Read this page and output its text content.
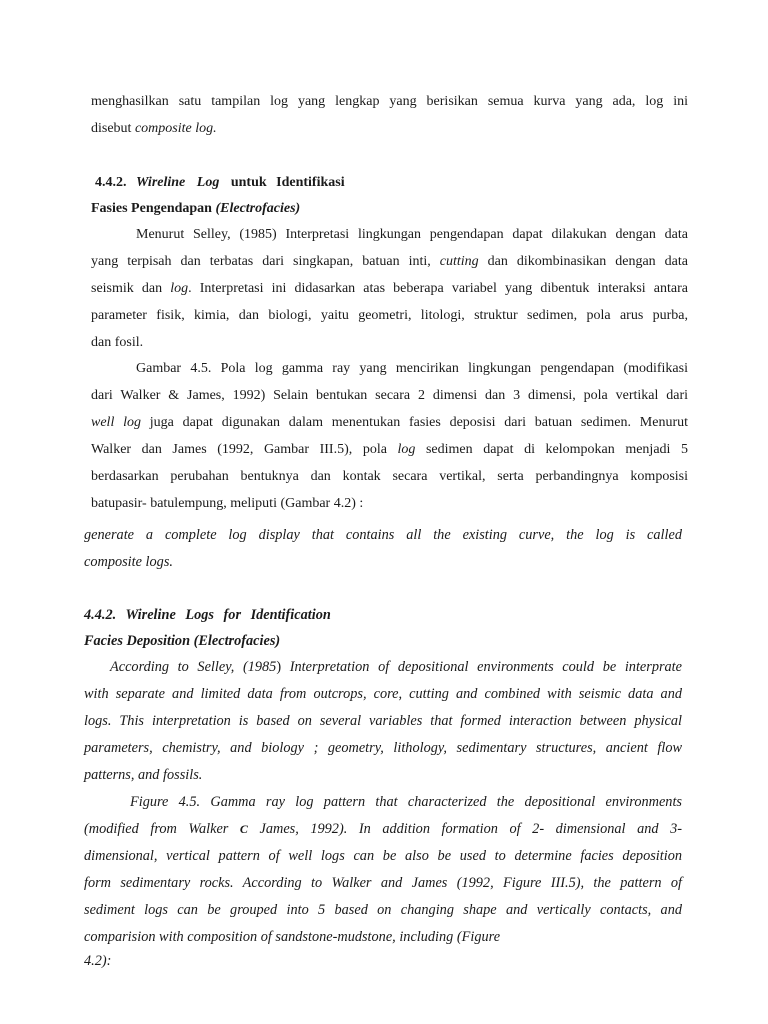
menghasilkan satu tampilan log yang lengkap yang berisikan semua kurva yang ada, log ini
disebut composite log.
4.4.2. Wireline Log untuk Identifikasi
Fasies Pengendapan (Electrofacies)
Menurut Selley, (1985) Interpretasi lingkungan pengendapan dapat dilakukan dengan data
yang terpisah dan terbatas dari singkapan, batuan inti, cutting dan dikombinasikan dengan data
seismik dan log. Interpretasi ini didasarkan atas beberapa variabel yang dibentuk interaksi antara
parameter fisik, kimia, dan biologi, yaitu geometri, litologi, struktur sedimen, pola arus purba,
dan fosil.
Gambar 4.5. Pola log gamma ray yang mencirikan lingkungan pengendapan (modifikasi
dari Walker & James, 1992) Selain bentukan secara 2 dimensi dan 3 dimensi, pola vertikal dari
well log juga dapat digunakan dalam menentukan fasies deposisi dari batuan sedimen. Menurut
Walker dan James (1992, Gambar III.5), pola log sedimen dapat di kelompokan menjadi 5
berdasarkan perubahan bentuknya dan kontak secara vertikal, serta perbandingnya komposisi
batupasir- batulempung, meliputi (Gambar 4.2) :
generate a complete log display that contains all the existing curve, the log is called
composite logs.
4.4.2. Wireline Logs for Identification
Facies Deposition (Electrofacies)
According to Selley, (1985) Interpretation of depositional environments could be interprate
with separate and limited data from outcrops, core, cutting and combined with seismic data and
logs. This interpretation is based on several variables that formed interaction between physical
parameters, chemistry, and biology ; geometry, lithology, sedimentary structures, ancient flow
patterns, and fossils.
Figure 4.5. Gamma ray log pattern that characterized the depositional environments
(modified from Walker C James, 1992). In addition formation of 2- dimensional and 3-
dimensional, vertical pattern of well logs can be also be used to determine facies deposition
form sedimentary rocks. According to Walker and James (1992, Figure III.5), the pattern of
sediment logs can be grouped into 5 based on changing shape and vertically contacts, and
comparision with composition of sandstone-mudstone, including (Figure
4.2):
